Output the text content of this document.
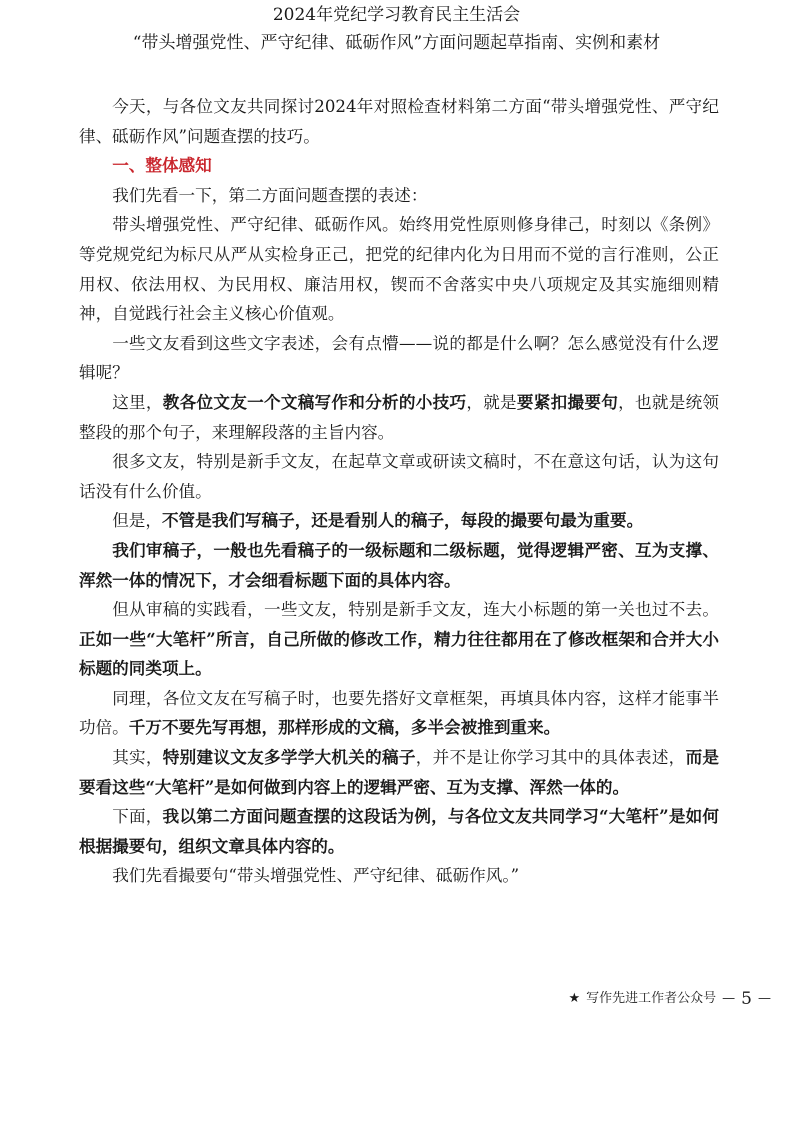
2024年党纪学习教育民主生活会
“带头增强党性、严守纪律、砥砺作风”方面问题起草指南、实例和素材

今天，与各位文友共同探讨2024年对照检查材料第二方面“带头增强党性、严守纪律、砥砺作风”问题查摆的技巧。

一、整体感知

我们先看一下，第二方面问题查摆的表述：

带头增强党性、严守纪律、砥砺作风。始终用党性原则修身律己，时刻以《条例》等党规党纪为标尺从严从实检身正己，把党的纪律内化为日用而不觉的言行准则，公正用权、依法用权、为民用权、廉洁用权，锲而不舍落实中央八项规定及其实施细则精神，自觉践行社会主义核心价值观。

一些文友看到这些文字表述，会有点懵——说的都是什么啊？怎么感觉没有什么逻辑呢？

这里，教各位文友一个文稿写作和分析的小技巧，就是要紧扣撮要句，也就是统领整段的那个句子，来理解段落的主旨内容。

很多文友，特别是新手文友，在起草文章或研读文稿时，不在意这句话，认为这句话没有什么价值。

但是，不管是我们写稿子，还是看别人的稿子，每段的撮要句最为重要。

我们审稿子，一般也先看稿子的一级标题和二级标题，觉得逻辑严密、互为支撑、浑然一体的情况下，才会细看标题下面的具体内容。

但从审稿的实践看，一些文友，特别是新手文友，连大小标题的第一关也过不去。正如一些“大笔杆”所言，自己所做的修改工作，精力往往都用在了修改框架和合并大小标题的同类项上。

同理，各位文友在写稿子时，也要先搭好文章框架，再填具体内容，这样才能事半功倍。千万不要先写再想，那样形成的文稿，多半会被推到重来。

其实，特别建议文友多学学大机关的稿子，并不是让你学习其中的具体表述，而是要看这些“大笔杆”是如何做到内容上的逻辑严密、互为支撑、浑然一体的。

下面，我以第二方面问题查摆的这段话为例，与各位文友共同学习“大笔杆”是如何根据撮要句，组织文章具体内容的。

我们先看撮要句“带头增强党性、严守纪律、砥砺作风。”

★ 写作先进工作者公众号 — 5 —
